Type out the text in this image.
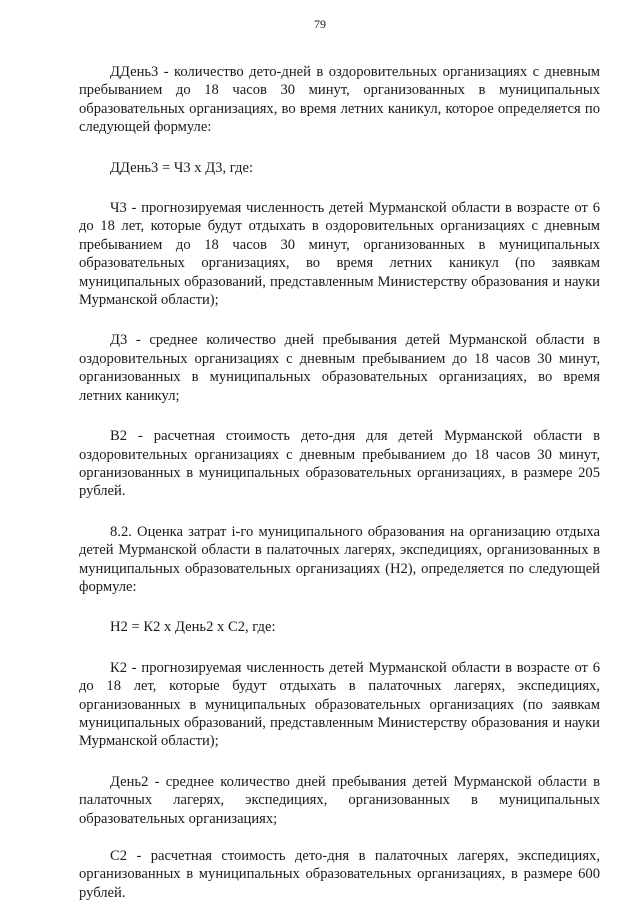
79

ДДень3 - количество дето-дней в оздоровительных организациях с дневным пребыванием до 18 часов 30 минут, организованных в муниципальных образовательных организациях, во время летних каникул, которое определяется по следующей формуле:

ДДень3 = Ч3 х Д3, где:

Ч3 - прогнозируемая численность детей Мурманской области в возрасте от 6 до 18 лет, которые будут отдыхать в оздоровительных организациях с дневным пребыванием до 18 часов 30 минут, организованных в муниципальных образовательных организациях, во время летних каникул (по заявкам муниципальных образований, представленным Министерству образования и науки Мурманской области);

Д3 - среднее количество дней пребывания детей Мурманской области в оздоровительных организациях с дневным пребыванием до 18 часов 30 минут, организованных в муниципальных образовательных организациях, во время летних каникул;

В2 - расчетная стоимость дето-дня для детей Мурманской области в оздоровительных организациях с дневным пребыванием до 18 часов 30 минут, организованных в муниципальных образовательных организациях, в размере 205 рублей.

8.2. Оценка затрат i-го муниципального образования на организацию отдыха детей Мурманской области в палаточных лагерях, экспедициях, организованных в муниципальных образовательных организациях (Н2), определяется по следующей формуле:

Н2 = К2 х День2 х С2, где:

К2 - прогнозируемая численность детей Мурманской области в возрасте от 6 до 18 лет, которые будут отдыхать в палаточных лагерях, экспедициях, организованных в муниципальных образовательных организациях (по заявкам муниципальных образований, представленным Министерству образования и науки Мурманской области);

День2 - среднее количество дней пребывания детей Мурманской области в палаточных лагерях, экспедициях, организованных в муниципальных образовательных организациях;

С2 - расчетная стоимость дето-дня в палаточных лагерях, экспедициях, организованных в муниципальных образовательных организациях, в размере 600 рублей.
